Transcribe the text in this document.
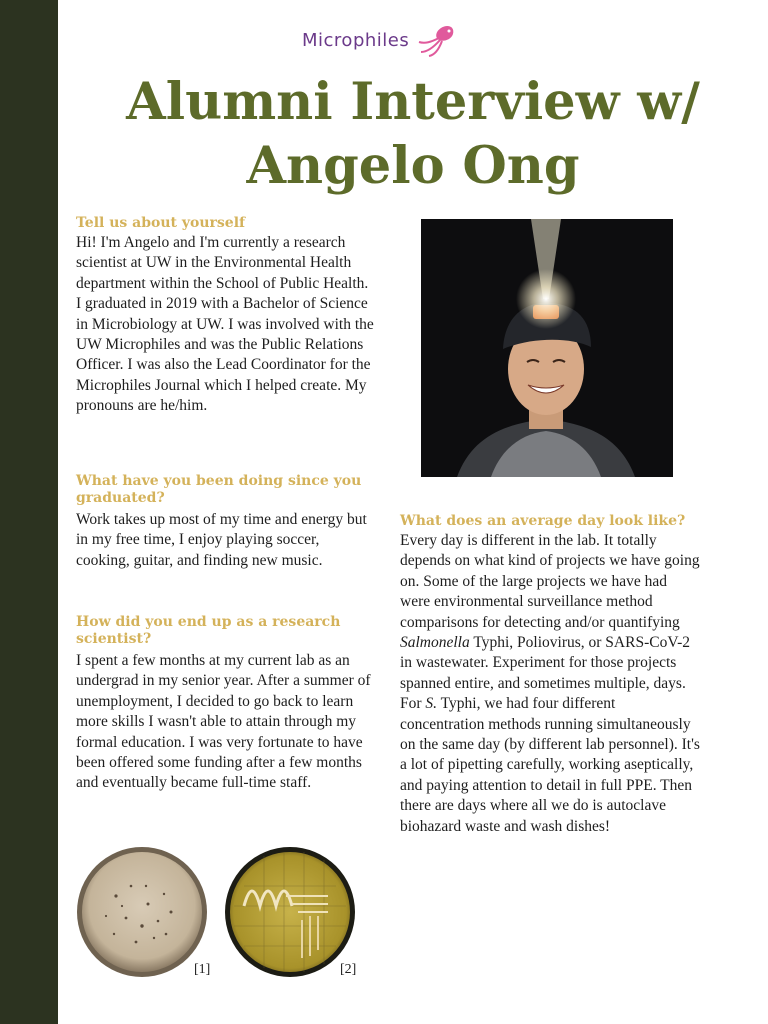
Microphiles
Alumni Interview w/
Angelo Ong
Tell us about yourself
Hi! I'm Angelo and I'm currently a research scientist at UW in the Environmental Health department within the School of Public Health. I graduated in 2019 with a Bachelor of Science in Microbiology at UW. I was involved with the UW Microphiles and was the Public Relations Officer. I was also the Lead Coordinator for the Microphiles Journal which I helped create. My pronouns are he/him.
What have you been doing since you graduated?
Work takes up most of my time and energy but in my free time, I enjoy playing soccer, cooking, guitar, and finding new music.
How did you end up as a research scientist?
I spent a few months at my current lab as an undergrad in my senior year. After a summer of unemployment, I decided to go back to learn more skills I wasn't able to attain through my formal education. I was very fortunate to have been offered some funding after a few months and eventually became full-time staff.
What does an average day look like?
Every day is different in the lab. It totally depends on what kind of projects we have going on. Some of the large projects we have had were environmental surveillance method comparisons for detecting and/or quantifying Salmonella Typhi, Poliovirus, or SARS-CoV-2 in wastewater. Experiment for those projects spanned entire, and sometimes multiple, days. For S. Typhi, we had four different concentration methods running simultaneously on the same day (by different lab personnel). It's a lot of pipetting carefully, working aseptically, and paying attention to detail in full PPE. Then there are days where all we do is autoclave biohazard waste and wash dishes!
[1]	[2]
